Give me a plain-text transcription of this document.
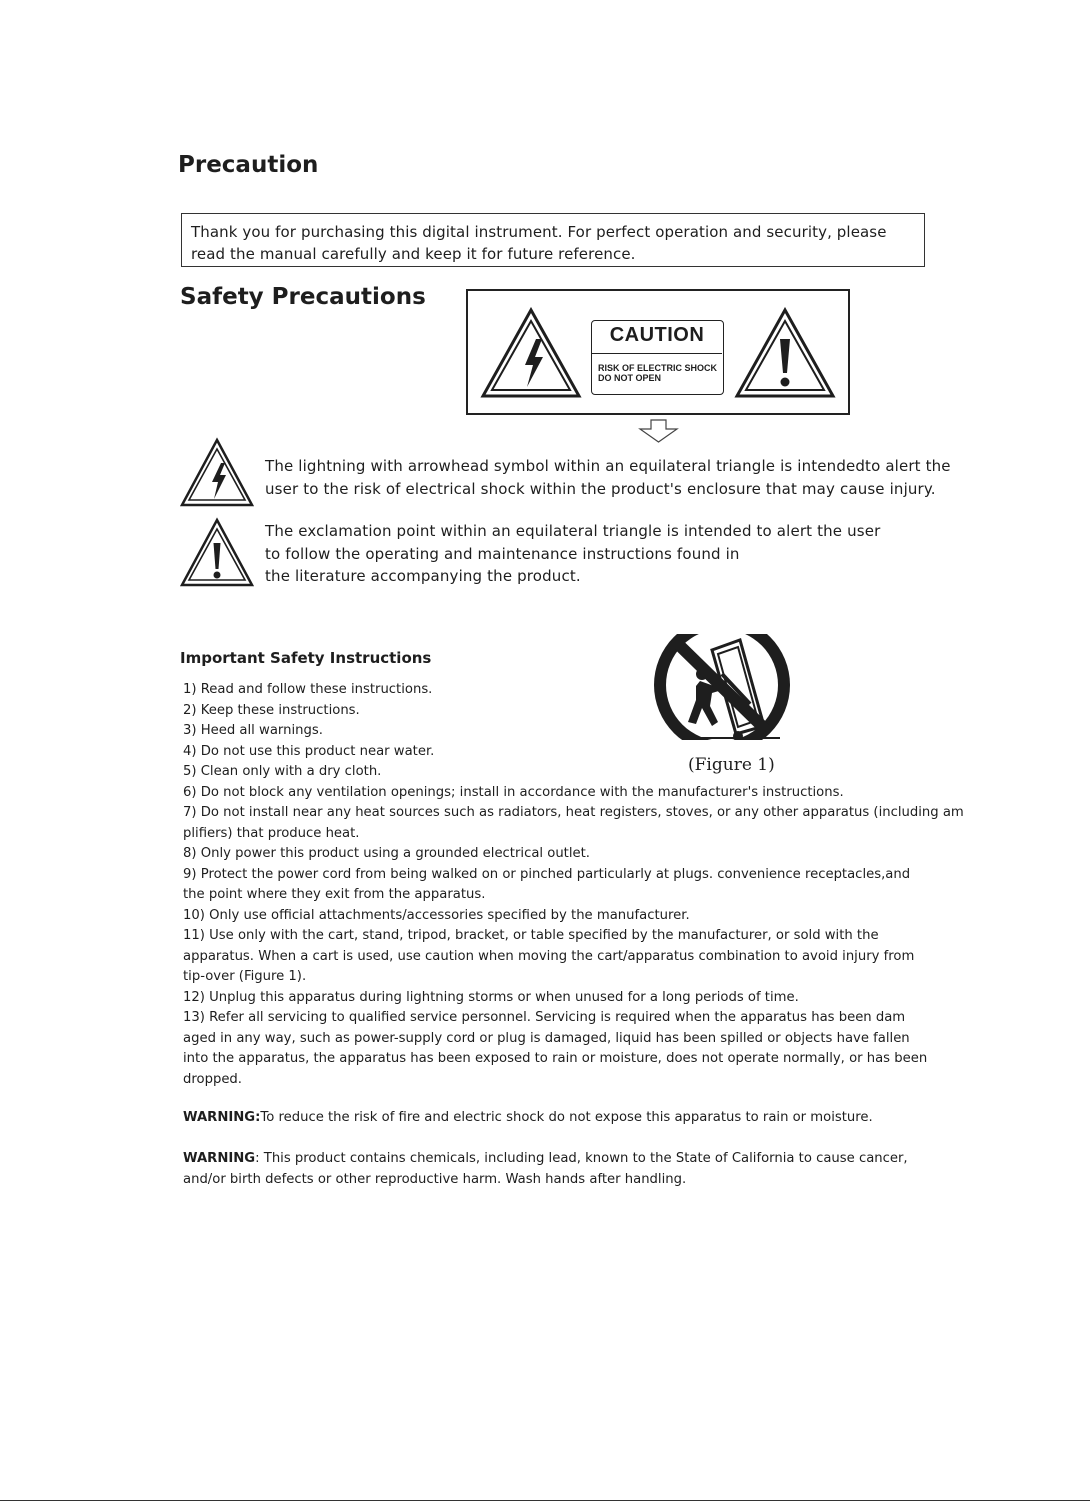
Precaution
Thank you for purchasing this digital instrument. For perfect operation and security, please
read the manual carefully and keep it for future reference.
Safety Precautions
CAUTION
RISK OF ELECTRIC SHOCK
DO NOT OPEN
The lightning with arrowhead symbol within an equilateral triangle is intendedto alert the
user to the risk of electrical shock within the product's enclosure that may cause injury.
The exclamation point within an equilateral triangle is intended to alert the user
to follow the operating and maintenance instructions found in
the literature accompanying the product.
(Figure 1)
Important Safety Instructions
1) Read and follow these instructions.
2) Keep these instructions.
3) Heed all warnings.
4) Do not use this product near water.
5) Clean only with a dry cloth.
6) Do not block any ventilation openings; install in accordance with the manufacturer's instructions.
7) Do not install near any heat sources such as radiators, heat registers, stoves, or any other apparatus (including am
plifiers) that produce heat.
8) Only power this product using a grounded electrical outlet.
9) Protect the power cord from being walked on or pinched particularly at plugs. convenience receptacles,and
the point where they exit from the apparatus.
10) Only use official attachments/accessories specified by the manufacturer.
11) Use only with the cart, stand, tripod, bracket, or table specified by the manufacturer, or sold with the
apparatus. When a cart is used, use caution when moving the cart/apparatus combination to avoid injury from
tip-over (Figure 1).
12) Unplug this apparatus during lightning storms or when unused for a long periods of time.
13) Refer all servicing to qualified service personnel. Servicing is required when the apparatus has been dam
aged in any way, such as power-supply cord or plug is damaged, liquid has been spilled or objects have fallen
into the apparatus, the apparatus has been exposed to rain or moisture, does not operate normally, or has been
dropped.
WARNING:To reduce the risk of fire and electric shock do not expose this apparatus to rain or moisture.
WARNING: This product contains chemicals, including lead, known to the State of California to cause cancer,
and/or birth defects or other reproductive harm. Wash hands after handling.
